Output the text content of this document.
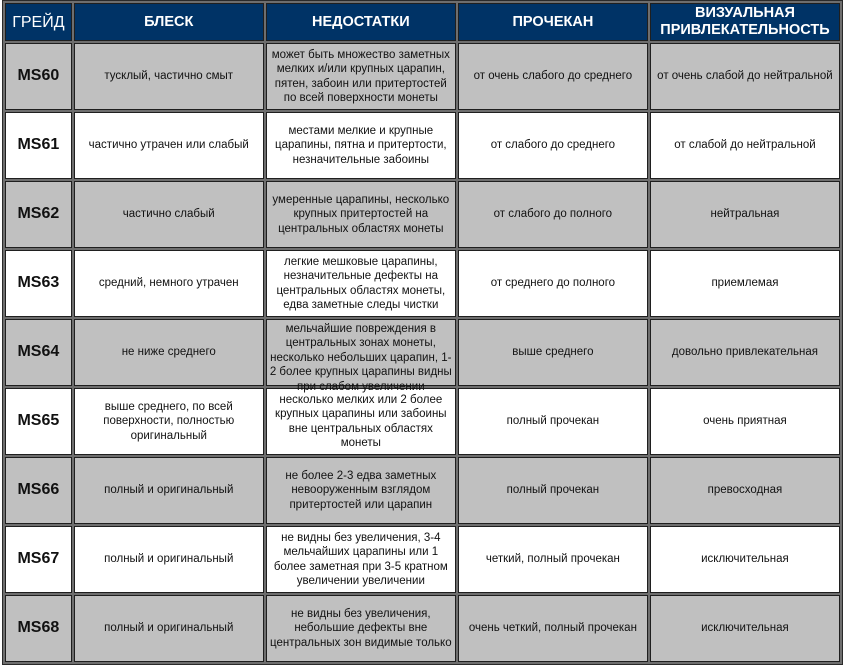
ГРЕЙД	БЛЕСК	НЕДОСТАТКИ	ПРОЧЕКАН	ВИЗУАЛЬНАЯ ПРИВЛЕКАТЕЛЬНОСТЬ
MS60	тусклый, частично смыт	может быть множество заметных мелких и/или крупных царапин, пятен, забоин или притертостей по всей поверхности монеты	от очень слабого до среднего	от очень слабой до нейтральной
MS61	частично утрачен или слабый	местами мелкие и крупные царапины, пятна и притертости, незначительные забоины	от слабого до среднего	от слабой до нейтральной
MS62	частично слабый	умеренные царапины, несколько крупных притертостей на центральных областях монеты	от слабого до полного	нейтральная
MS63	средний, немного утрачен	легкие мешковые царапины, незначительные дефекты на центральных областях монеты, едва заметные следы чистки	от среднего до полного	приемлемая
MS64	не ниже среднего	мельчайшие повреждения в центральных зонах монеты, несколько небольших царапин, 1-2 более крупных царапины видны при слабом увеличении	выше среднего	довольно привлекательная
MS65	выше среднего, по всей поверхности, полностью оригинальный	несколько мелких или 2 более крупных царапины или забоины вне центральных областях монеты	полный прочекан	очень приятная
MS66	полный и оригинальный	не более 2-3 едва заметных невооруженным взглядом притертостей или царапин	полный прочекан	превосходная
MS67	полный и оригинальный	не видны без увеличения, 3-4 мельчайших царапины или 1 более заметная при 3-5 кратном увеличении увеличении	четкий, полный прочекан	исключительная
MS68	полный и оригинальный	не видны без увеличения, небольшие дефекты вне центральных зон видимые только	очень четкий, полный прочекан	исключительная
